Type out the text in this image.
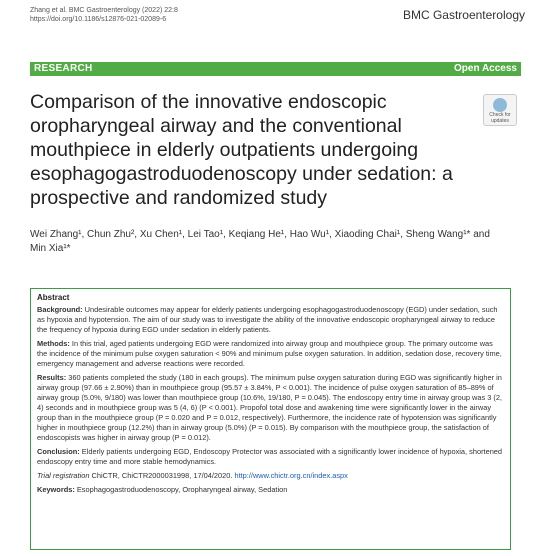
Zhang et al. BMC Gastroenterology (2022) 22:8
https://doi.org/10.1186/s12876-021-02089-6	BMC Gastroenterology
RESEARCH	Open Access
Comparison of the innovative endoscopic oropharyngeal airway and the conventional mouthpiece in elderly outpatients undergoing esophagogastroduodenoscopy under sedation: a prospective and randomized study
Check for updates
Wei Zhang¹, Chun Zhu², Xu Chen¹, Lei Tao¹, Keqiang He¹, Hao Wu¹, Xiaoding Chai¹, Sheng Wang¹* and Min Xia¹*
Abstract

Background: Undesirable outcomes may appear for elderly patients undergoing esophagogastroduodenoscopy (EGD) under sedation, such as hypoxia and hypotension. The aim of our study was to investigate the ability of the innovative endoscopic oropharyngeal airway to reduce the frequency of hypoxia during EGD under sedation in elderly patients.

Methods: In this trial, aged patients undergoing EGD were randomized into airway group and mouthpiece group. The primary outcome was the incidence of the minimum pulse oxygen saturation < 90% and minimum pulse oxygen saturation. In addition, sedation dose, recovery time, emergency management and adverse reactions were recorded.

Results: 360 patients completed the study (180 in each groups). The minimum pulse oxygen saturation during EGD was significantly higher in airway group (97.66 ± 2.90%) than in mouthpiece group (95.57 ± 3.84%, P < 0.001). The incidence of pulse oxygen saturation of 85–89% of airway group (5.0%, 9/180) was lower than mouthpiece group (10.6%, 19/180, P = 0.045). The endoscopy entry time in airway group was 3 (2, 4) seconds and in mouthpiece group was 5 (4, 6) (P < 0.001). Propofol total dose and awakening time were significantly lower in the airway group than in the mouthpiece group (P = 0.020 and P = 0.012, respectively). Furthermore, the incidence rate of hypotension was significantly higher in mouthpiece group (12.2%) than in airway group (5.0%) (P = 0.015). By comparison with the mouthpiece group, the satisfaction of endoscopists was higher in airway group (P = 0.012).

Conclusion: Elderly patients undergoing EGD, Endoscopy Protector was associated with a significantly lower incidence of hypoxia, shortened endoscopy entry time and more stable hemodynamics.

Trial registration ChiCTR, ChiCTR2000031998, 17/04/2020. http://www.chictr.org.cn/index.aspx

Keywords: Esophagogastroduodenoscopy, Oropharyngeal airway, Sedation
